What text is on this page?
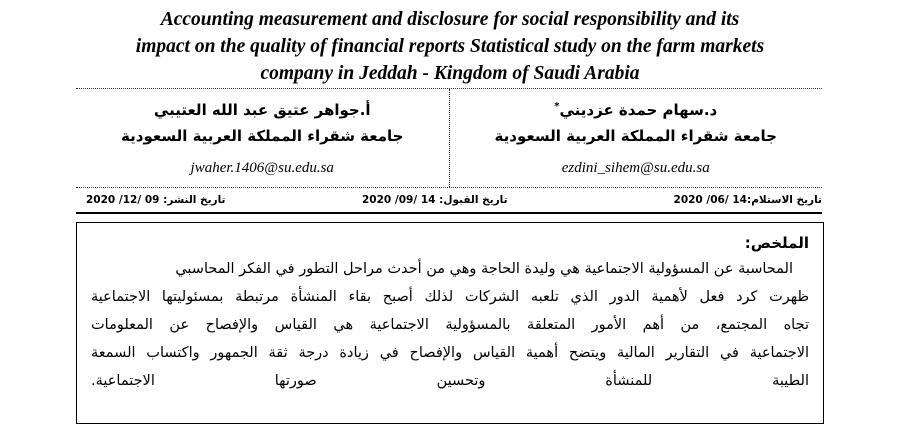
Accounting measurement and disclosure for social responsibility and its
impact on the quality of financial reports Statistical study on the farm markets
company in Jeddah - Kingdom of Saudi Arabia
د.سهام حمدة عزديني*
جامعة شقراء المملكة العربية السعودية
ezdini_sihem@su.edu.sa
أ.جواهر عتيق عبد الله العتيبي
جامعة شقراء المملكة العربية السعودية
jwaher.1406@su.edu.sa
تاريخ الاستلام:14 /06/ 2020
تاريخ القبول: 14 /09/ 2020
تاريخ النشر: 09 /12/ 2020
الملخص:
المحاسبة عن المسؤولية الاجتماعية هي وليدة الحاجة وهي من أحدث مراحل التطور في الفكر المحاسبي
ظهرت كرد فعل لأهمية الدور الذي تلعبه الشركات لذلك أصبح بقاء المنشأة مرتبطة بمسئوليتها الاجتماعية
تجاه المجتمع، من أهم الأمور المتعلقة بالمسؤولية الاجتماعية هي القياس والإفصاح عن المعلومات
الاجتماعية في التقارير المالية ويتضح أهمية القياس والإفصاح في زيادة درجة ثقة الجمهور واكتساب السمعة
الطيبة للمنشأة وتحسين صورتها الاجتماعية.
